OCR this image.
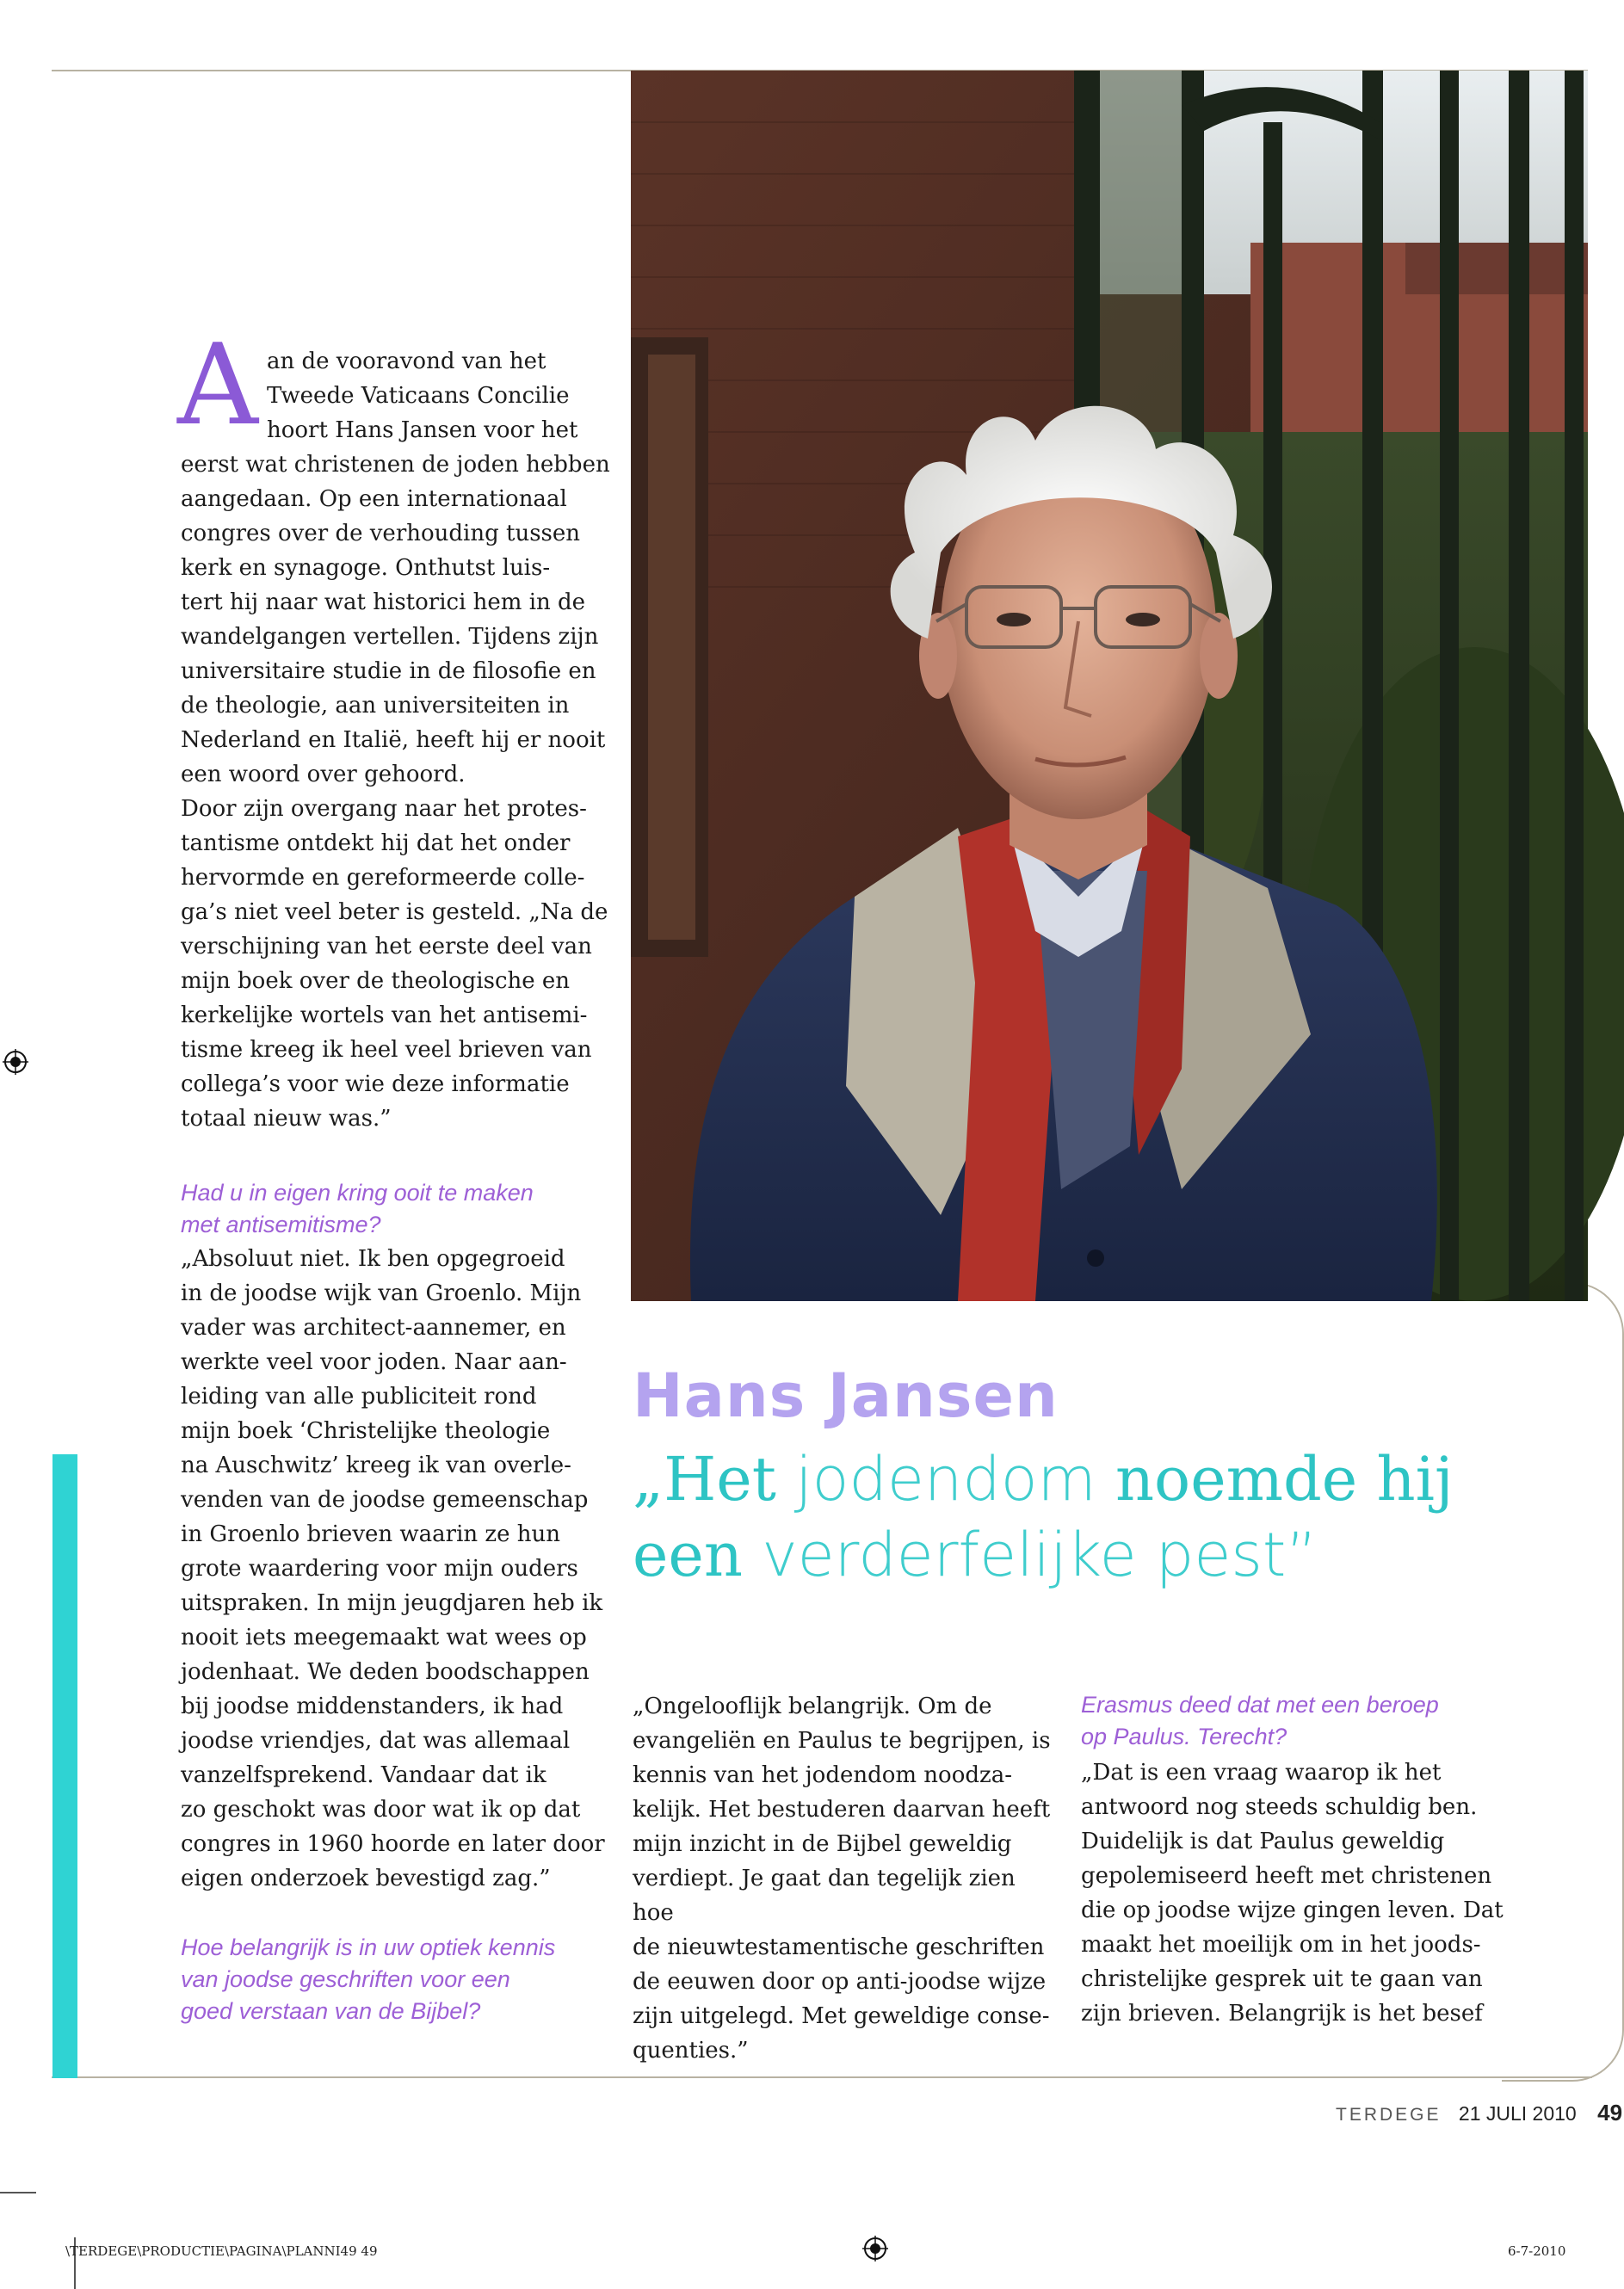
A an de vooravond van het
Tweede Vaticaans Concilie
hoort Hans Jansen voor het
eerst wat christenen de joden hebben
aangedaan. Op een internationaal
congres over de verhouding tussen
kerk en synagoge. Onthutst luis-
tert hij naar wat historici hem in de
wandelgangen vertellen. Tijdens zijn
universitaire studie in de filosofie en
de theologie, aan universiteiten in
Nederland en Italië, heeft hij er nooit
een woord over gehoord.
Door zijn overgang naar het protes-
tantisme ontdekt hij dat het onder
hervormde en gereformeerde colle-
ga’s niet veel beter is gesteld. „Na de
verschijning van het eerste deel van
mijn boek over de theologische en
kerkelijke wortels van het antisemi-
tisme kreeg ik heel veel brieven van
collega’s voor wie deze informatie
totaal nieuw was.”

Had u in eigen kring ooit te maken
met antisemitisme?

„Absoluut niet. Ik ben opgegroeid
in de joodse wijk van Groenlo. Mijn
vader was architect-aannemer, en
werkte veel voor joden. Naar aan-
leiding van alle publiciteit rond
mijn boek ‘Christelijke theologie
na Auschwitz’ kreeg ik van overle-
venden van de joodse gemeenschap
in Groenlo brieven waarin ze hun
grote waardering voor mijn ouders
uitspraken. In mijn jeugdjaren heb ik
nooit iets meegemaakt wat wees op
jodenhaat. We deden boodschappen
bij joodse middenstanders, ik had
joodse vriendjes, dat was allemaal
vanzelfsprekend. Vandaar dat ik
zo geschokt was door wat ik op dat
congres in 1960 hoorde en later door
eigen onderzoek bevestigd zag.”

Hoe belangrijk is in uw optiek kennis
van joodse geschriften voor een
goed verstaan van de Bijbel?

Hans Jansen
„Het jodendom noemde hij
een verderfelijke pest”

„Ongelooflijk belangrijk. Om de
evangeliën en Paulus te begrijpen, is
kennis van het jodendom noodza-
kelijk. Het bestuderen daarvan heeft
mijn inzicht in de Bijbel geweldig
verdiept. Je gaat dan tegelijk zien hoe
de nieuwtestamentische geschriften
de eeuwen door op anti-joodse wijze
zijn uitgelegd. Met geweldige conse-
quenties.”

Erasmus deed dat met een beroep
op Paulus. Terecht?

„Dat is een vraag waarop ik het
antwoord nog steeds schuldig ben.
Duidelijk is dat Paulus geweldig
gepolemiseerd heeft met christenen
die op joodse wijze gingen leven. Dat
maakt het moeilijk om in het joods-
christelijke gesprek uit te gaan van
zijn brieven. Belangrijk is het besef

TERDEGE 21 JULI 2010 49
\TERDEGE\PRODUCTIE\PAGINA\PLANNI49 49	6-7-2010
